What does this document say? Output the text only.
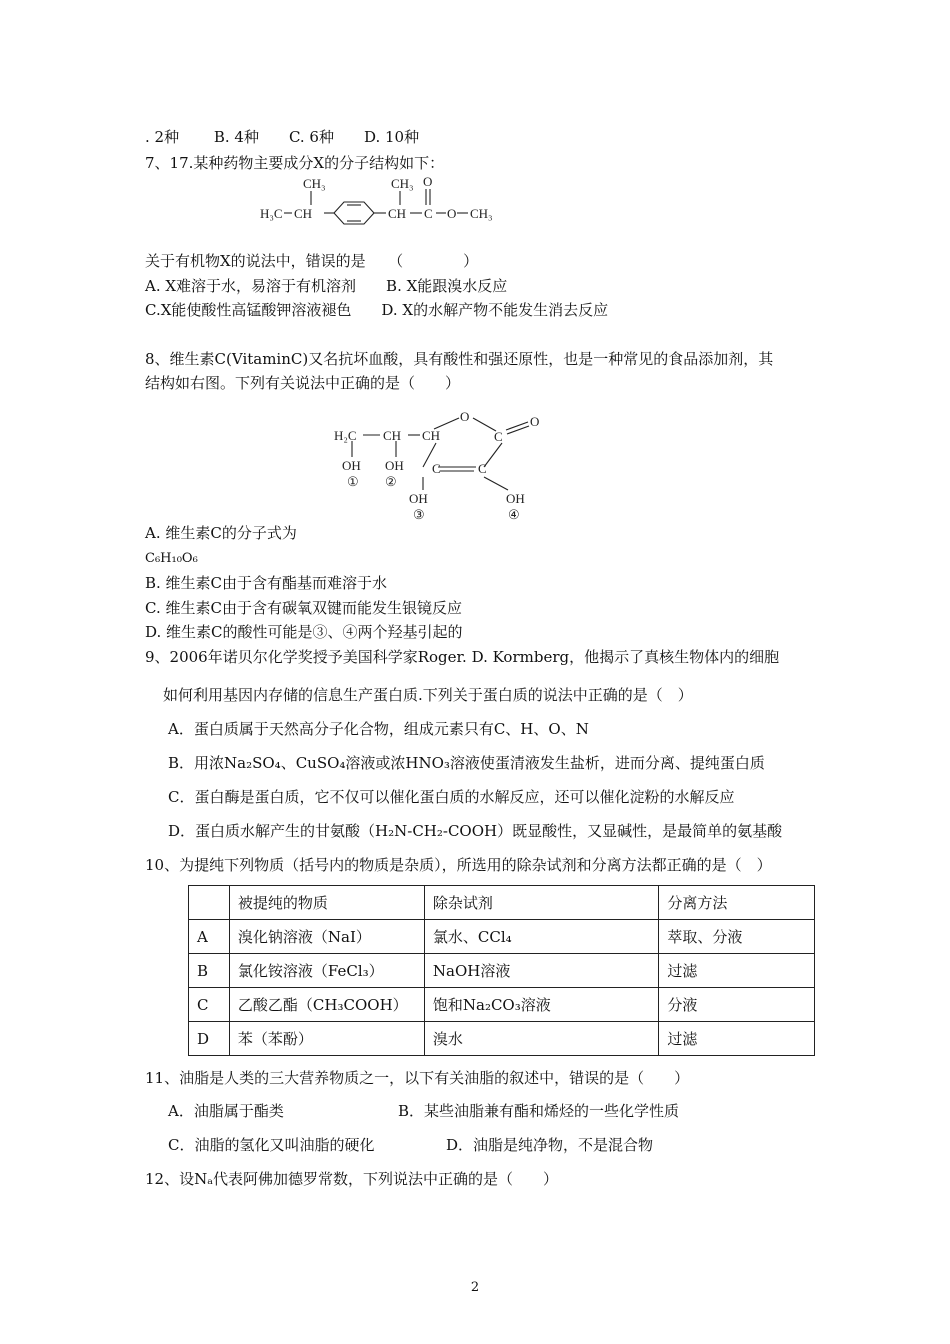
. 2种　　 B. 4种　　C. 6种　　D. 10种
7、17.某种药物主要成分X的分子结构如下：
CH₃
H₃C CH
CH₃
CH
O
C O CH₃
关于有机物X的说法中，错误的是　　（　　　　）
A. X难溶于水，易溶于有机溶剂　　B. X能跟溴水反应
C.X能使酸性高锰酸钾溶液褪色　　D. X的水解产物不能发生消去反应
8、维生素C(VitaminC)又名抗坏血酸，具有酸性和强还原性，也是一种常见的食品添加剂，其
结构如右图。下列有关说法中正确的是（　　）
H₂C CH CH
O
C
O
C	C
OH OH
OH	OH
① ②
③	④
A. 维生素C的分子式为
C₆H₁₀O₆
B. 维生素C由于含有酯基而难溶于水
C. 维生素C由于含有碳氧双键而能发生银镜反应
D. 维生素C的酸性可能是③、④两个羟基引起的
9、2006年诺贝尔化学奖授予美国科学家Roger. D. Kormberg，他揭示了真核生物体内的细胞
如何利用基因内存储的信息生产蛋白质.下列关于蛋白质的说法中正确的是（　）
A．蛋白质属于天然高分子化合物，组成元素只有C、H、O、N
B．用浓Na₂SO₄、CuSO₄溶液或浓HNO₃溶液使蛋清液发生盐析，进而分离、提纯蛋白质
C．蛋白酶是蛋白质，它不仅可以催化蛋白质的水解反应，还可以催化淀粉的水解反应
D．蛋白质水解产生的甘氨酸（H₂N-CH₂-COOH）既显酸性，又显碱性，是最简单的氨基酸
10、为提纯下列物质（括号内的物质是杂质），所选用的除杂试剂和分离方法都正确的是（　）
	被提纯的物质	除杂试剂	分离方法
A	溴化钠溶液（NaI）	氯水、CCl₄	萃取、分液
B	氯化铵溶液（FeCl₃）	NaOH溶液	过滤
C	乙酸乙酯（CH₃COOH）	饱和Na₂CO₃溶液	分液
D	苯（苯酚）	溴水	过滤
11、油脂是人类的三大营养物质之一，以下有关油脂的叙述中，错误的是（　　）
A．油脂属于酯类	B．某些油脂兼有酯和烯烃的一些化学性质
C．油脂的氢化又叫油脂的硬化	D．油脂是纯净物，不是混合物
12、设Nₐ代表阿佛加德罗常数，下列说法中正确的是（　　）
2
